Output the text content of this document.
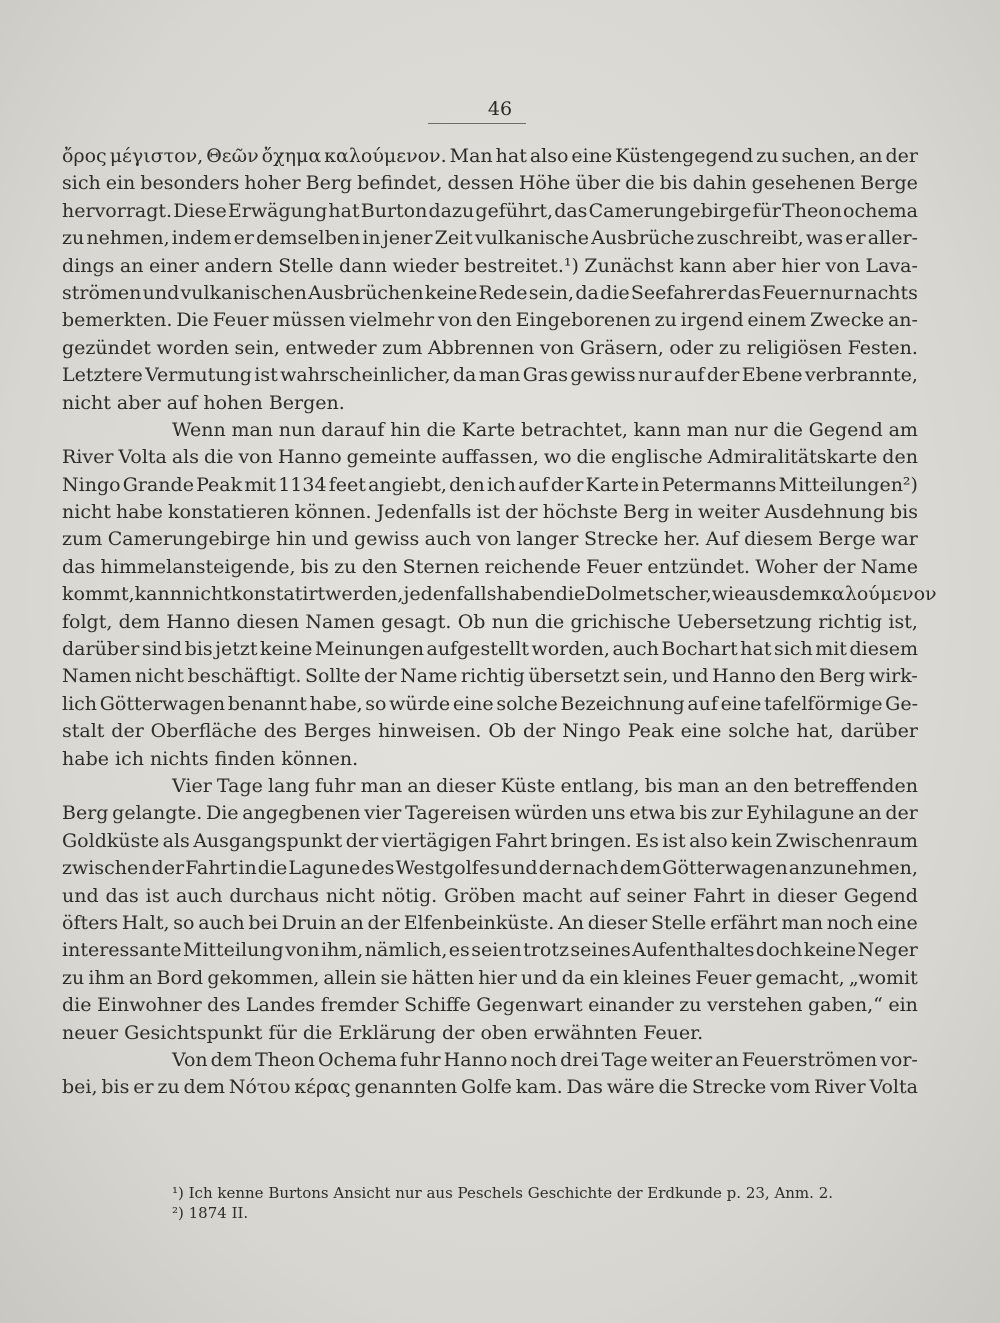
46
ὄρος μέγιστον, Θεῶν ὄχημα καλούμενον. Man hat also eine Küstengegend zu suchen, an der
sich ein besonders hoher Berg befindet, dessen Höhe über die bis dahin gesehenen Berge
hervorragt. Diese Erwägung hat Burton dazu geführt, das Camerungebirge für Theon ochema
zu nehmen, indem er demselben in jener Zeit vulkanische Ausbrüche zuschreibt, was er aller-
dings an einer andern Stelle dann wieder bestreitet.¹) Zunächst kann aber hier von Lava-
strömen und vulkanischen Ausbrüchen keine Rede sein, da die Seefahrer das Feuer nur nachts
bemerkten. Die Feuer müssen vielmehr von den Eingeborenen zu irgend einem Zwecke an-
gezündet worden sein, entweder zum Abbrennen von Gräsern, oder zu religiösen Festen.
Letztere Vermutung ist wahrscheinlicher, da man Gras gewiss nur auf der Ebene verbrannte,
nicht aber auf hohen Bergen.
Wenn man nun darauf hin die Karte betrachtet, kann man nur die Gegend am
River Volta als die von Hanno gemeinte auffassen, wo die englische Admiralitätskarte den
Ningo Grande Peak mit 1134 feet angiebt, den ich auf der Karte in Petermanns Mitteilungen²)
nicht habe konstatieren können. Jedenfalls ist der höchste Berg in weiter Ausdehnung bis
zum Camerungebirge hin und gewiss auch von langer Strecke her. Auf diesem Berge war
das himmelansteigende, bis zu den Sternen reichende Feuer entzündet. Woher der Name
kommt, kann nicht konstatirt werden, jedenfalls haben die Dolmetscher, wie aus dem καλούμενον
folgt, dem Hanno diesen Namen gesagt. Ob nun die grichische Uebersetzung richtig ist,
darüber sind bis jetzt keine Meinungen aufgestellt worden, auch Bochart hat sich mit diesem
Namen nicht beschäftigt. Sollte der Name richtig übersetzt sein, und Hanno den Berg wirk-
lich Götterwagen benannt habe, so würde eine solche Bezeichnung auf eine tafelförmige Ge-
stalt der Oberfläche des Berges hinweisen. Ob der Ningo Peak eine solche hat, darüber
habe ich nichts finden können.
Vier Tage lang fuhr man an dieser Küste entlang, bis man an den betreffenden
Berg gelangte. Die angegbenen vier Tagereisen würden uns etwa bis zur Eyhilagune an der
Goldküste als Ausgangspunkt der viertägigen Fahrt bringen. Es ist also kein Zwischenraum
zwischen der Fahrt in die Lagune des Westgolfes und der nach dem Götterwagen anzunehmen,
und das ist auch durchaus nicht nötig. Gröben macht auf seiner Fahrt in dieser Gegend
öfters Halt, so auch bei Druin an der Elfenbeinküste. An dieser Stelle erfährt man noch eine
interessante Mitteilung von ihm, nämlich, es seien trotz seines Aufenthaltes doch keine Neger
zu ihm an Bord gekommen, allein sie hätten hier und da ein kleines Feuer gemacht, „womit
die Einwohner des Landes fremder Schiffe Gegenwart einander zu verstehen gaben,“ ein
neuer Gesichtspunkt für die Erklärung der oben erwähnten Feuer.
Von dem Theon Ochema fuhr Hanno noch drei Tage weiter an Feuerströmen vor-
bei, bis er zu dem Νότου κέρας genannten Golfe kam. Das wäre die Strecke vom River Volta
¹) Ich kenne Burtons Ansicht nur aus Peschels Geschichte der Erdkunde p. 23, Anm. 2.
²) 1874 II.
